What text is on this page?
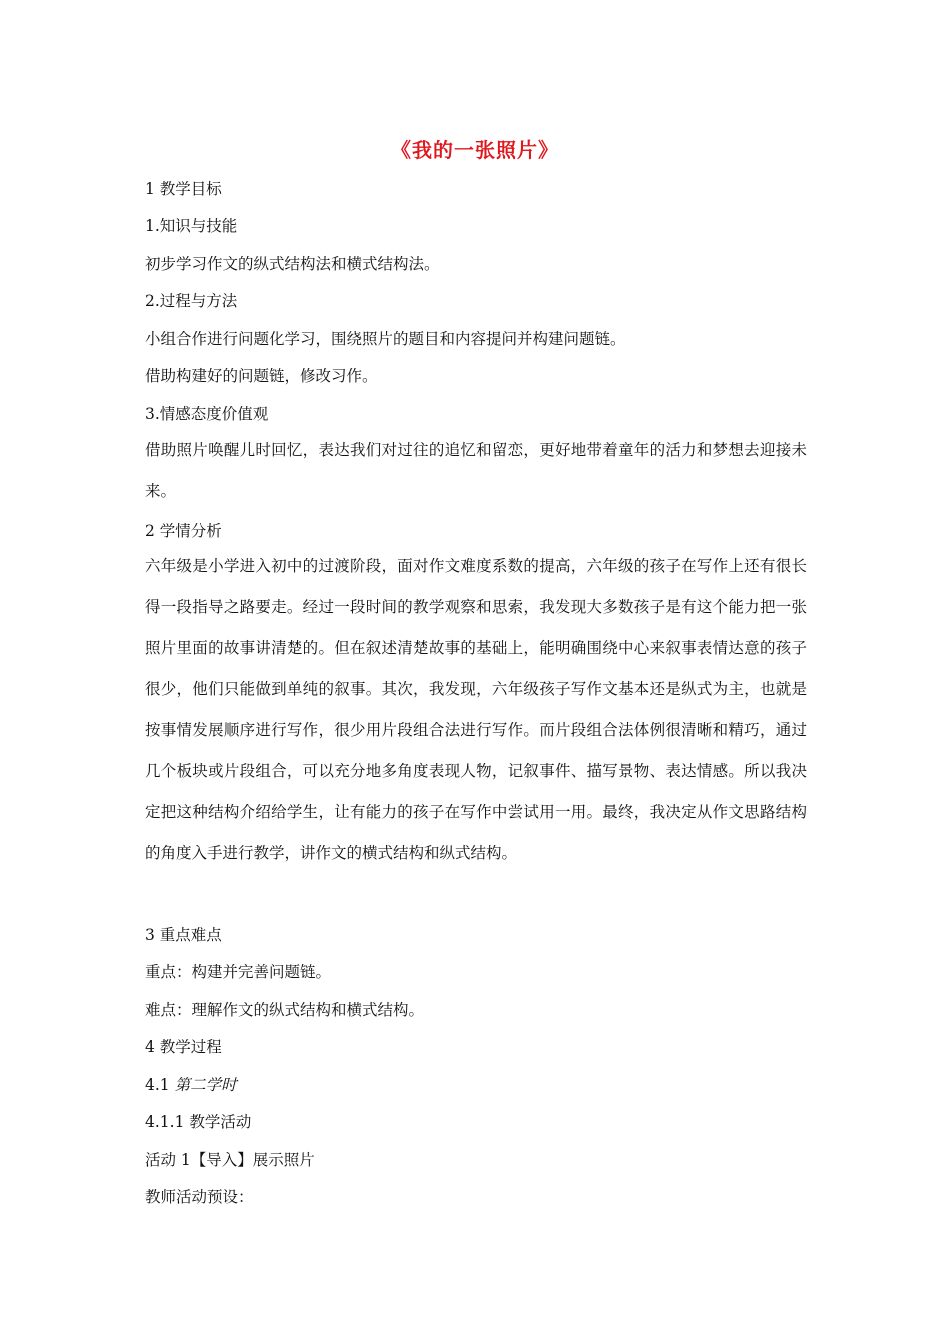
《我的一张照片》
1 教学目标
1.知识与技能
初步学习作文的纵式结构法和横式结构法。
2.过程与方法
小组合作进行问题化学习，围绕照片的题目和内容提问并构建问题链。
借助构建好的问题链，修改习作。
3.情感态度价值观

借助照片唤醒儿时回忆，表达我们对过往的追忆和留恋，更好地带着童年的活力和梦想去迎接未来。

2 学情分析

六年级是小学进入初中的过渡阶段，面对作文难度系数的提高，六年级的孩子在写作上还有很长得一段指导之路要走。经过一段时间的教学观察和思索，我发现大多数孩子是有这个能力把一张照片里面的故事讲清楚的。但在叙述清楚故事的基础上，能明确围绕中心来叙事表情达意的孩子很少，他们只能做到单纯的叙事。其次，我发现，六年级孩子写作文基本还是纵式为主，也就是按事情发展顺序进行写作，很少用片段组合法进行写作。而片段组合法体例很清晰和精巧，通过几个板块或片段组合，可以充分地多角度表现人物，记叙事件、描写景物、表达情感。所以我决定把这种结构介绍给学生，让有能力的孩子在写作中尝试用一用。最终，我决定从作文思路结构的角度入手进行教学，讲作文的横式结构和纵式结构。

3 重点难点
重点：构建并完善问题链。
难点：理解作文的纵式结构和横式结构。
4 教学过程
4.1 第二学时
4.1.1 教学活动
活动 1【导入】展示照片
教师活动预设：
